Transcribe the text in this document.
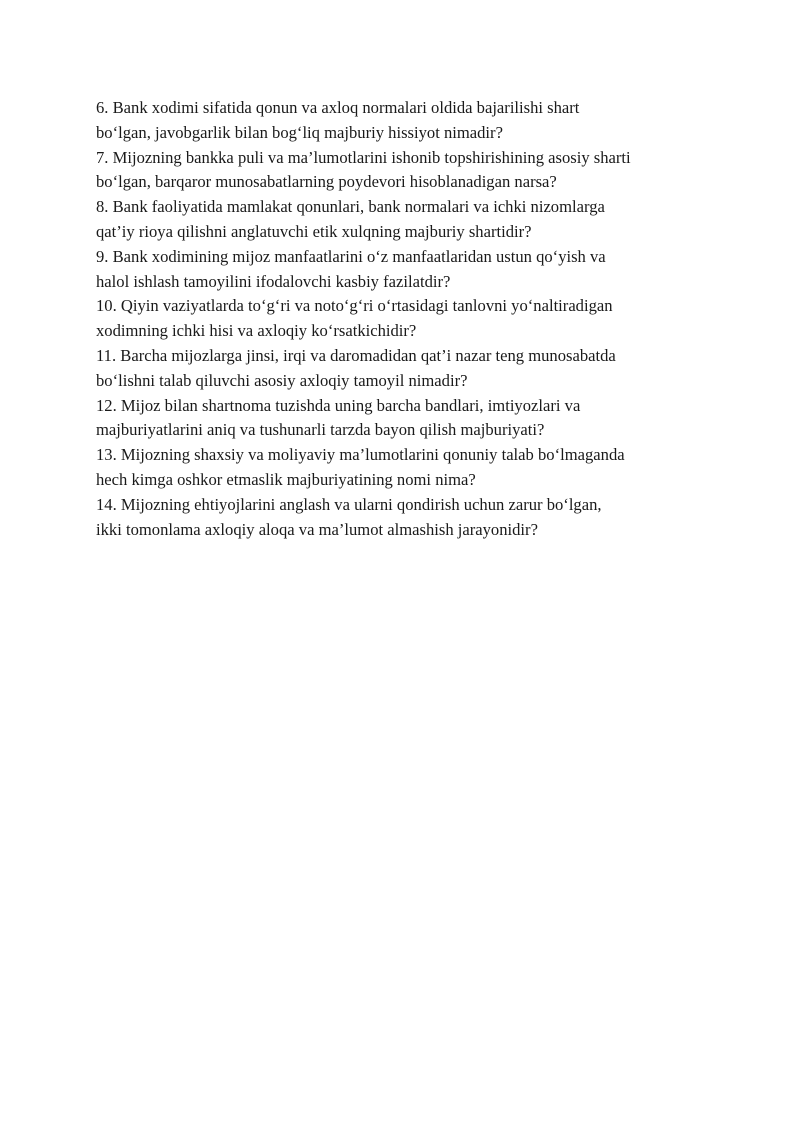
6. Bank xodimi sifatida qonun va axloq normalari oldida bajarilishi shart
bo‘lgan, javobgarlik bilan bog‘liq majburiy hissiyot nimadir?
7. Mijozning bankka puli va ma’lumotlarini ishonib topshirishining asosiy sharti
bo‘lgan, barqaror munosabatlarning poydevori hisoblanadigan narsa?
8. Bank faoliyatida mamlakat qonunlari, bank normalari va ichki nizomlarga
qat’iy rioya qilishni anglatuvchi etik xulqning majburiy shartidir?
9. Bank xodimining mijoz manfaatlarini o‘z manfaatlaridan ustun qo‘yish va
halol ishlash tamoyilini ifodalovchi kasbiy fazilatdir?
10. Qiyin vaziyatlarda to‘g‘ri va noto‘g‘ri o‘rtasidagi tanlovni yo‘naltiradigan
xodimning ichki hisi va axloqiy ko‘rsatkichidir?
11. Barcha mijozlarga jinsi, irqi va daromadidan qat’i nazar teng munosabatda
bo‘lishni talab qiluvchi asosiy axloqiy tamoyil nimadir?
12. Mijoz bilan shartnoma tuzishda uning barcha bandlari, imtiyozlari va
majburiyatlarini aniq va tushunarli tarzda bayon qilish majburiyati?
13. Mijozning shaxsiy va moliyaviy ma’lumotlarini qonuniy talab bo‘lmaganda
hech kimga oshkor etmaslik majburiyatining nomi nima?
14. Mijozning ehtiyojlarini anglash va ularni qondirish uchun zarur bo‘lgan,
ikki tomonlama axloqiy aloqa va ma’lumot almashish jarayonidir?
